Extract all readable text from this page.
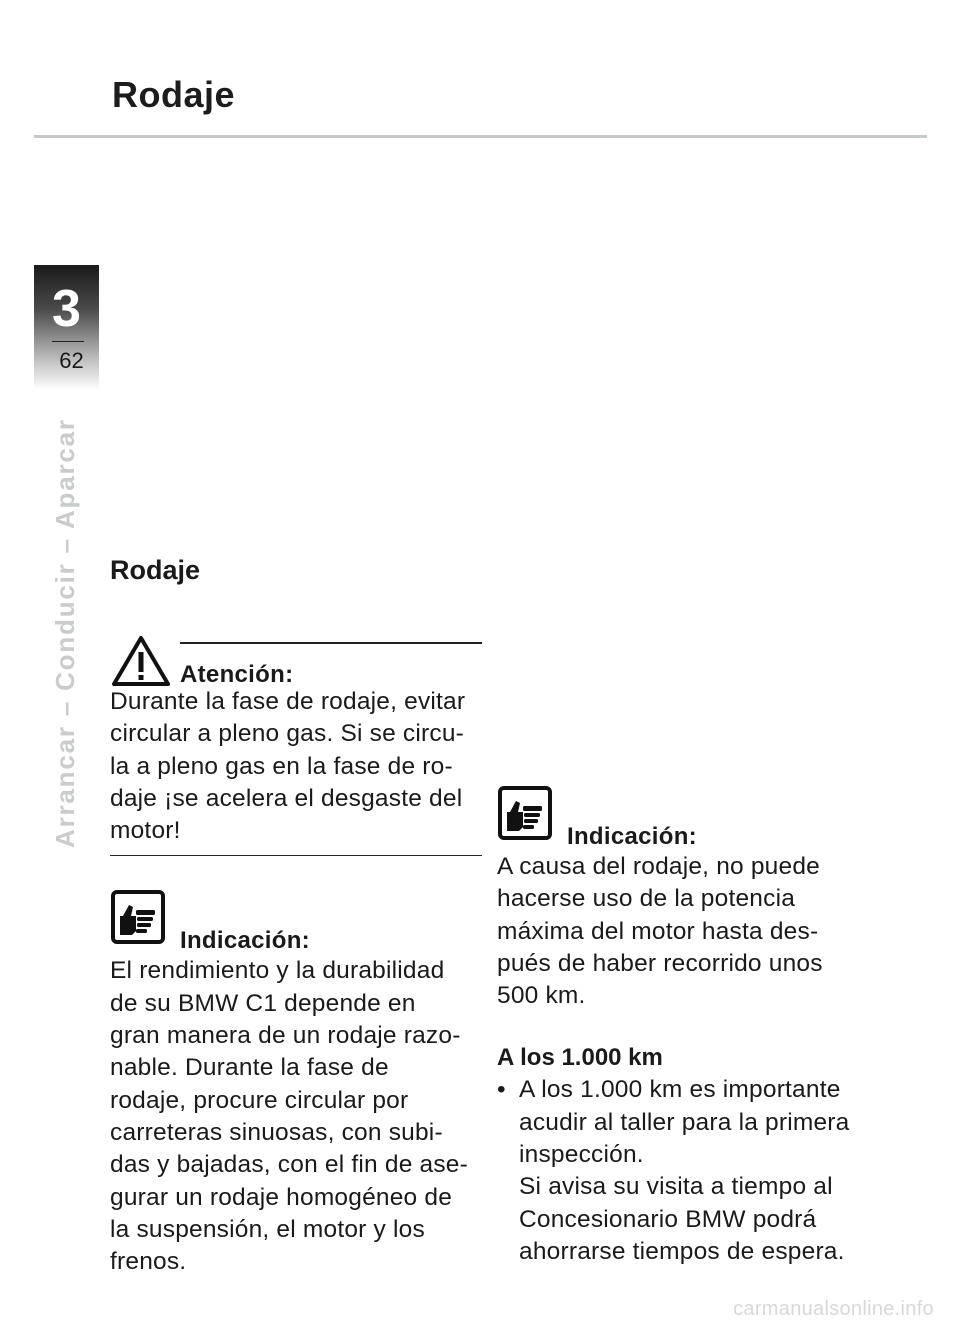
Rodaje
3
62
Arrancar – Conducir – Aparcar Rodaje
Atención:
Durante la fase de rodaje, evitar
circular a pleno gas. Si se circu-
la a pleno gas en la fase de ro-
daje ¡se acelera el desgaste del
motor!
Indicación:
El rendimiento y la durabilidad
de su BMW C1 depende en
gran manera de un rodaje razo-
nable. Durante la fase de
rodaje, procure circular por
carreteras sinuosas, con subi-
das y bajadas, con el fin de ase-
gurar un rodaje homogéneo de
la suspensión, el motor y los
frenos.
Indicación:
A causa del rodaje, no puede
hacerse uso de la potencia
máxima del motor hasta des-
pués de haber recorrido unos
500 km.
A los 1.000 km
• A los 1.000 km es importante
acudir al taller para la primera
inspección.
Si avisa su visita a tiempo al
Concesionario BMW podrá
ahorrarse tiempos de espera.
carmanualsonline.info
